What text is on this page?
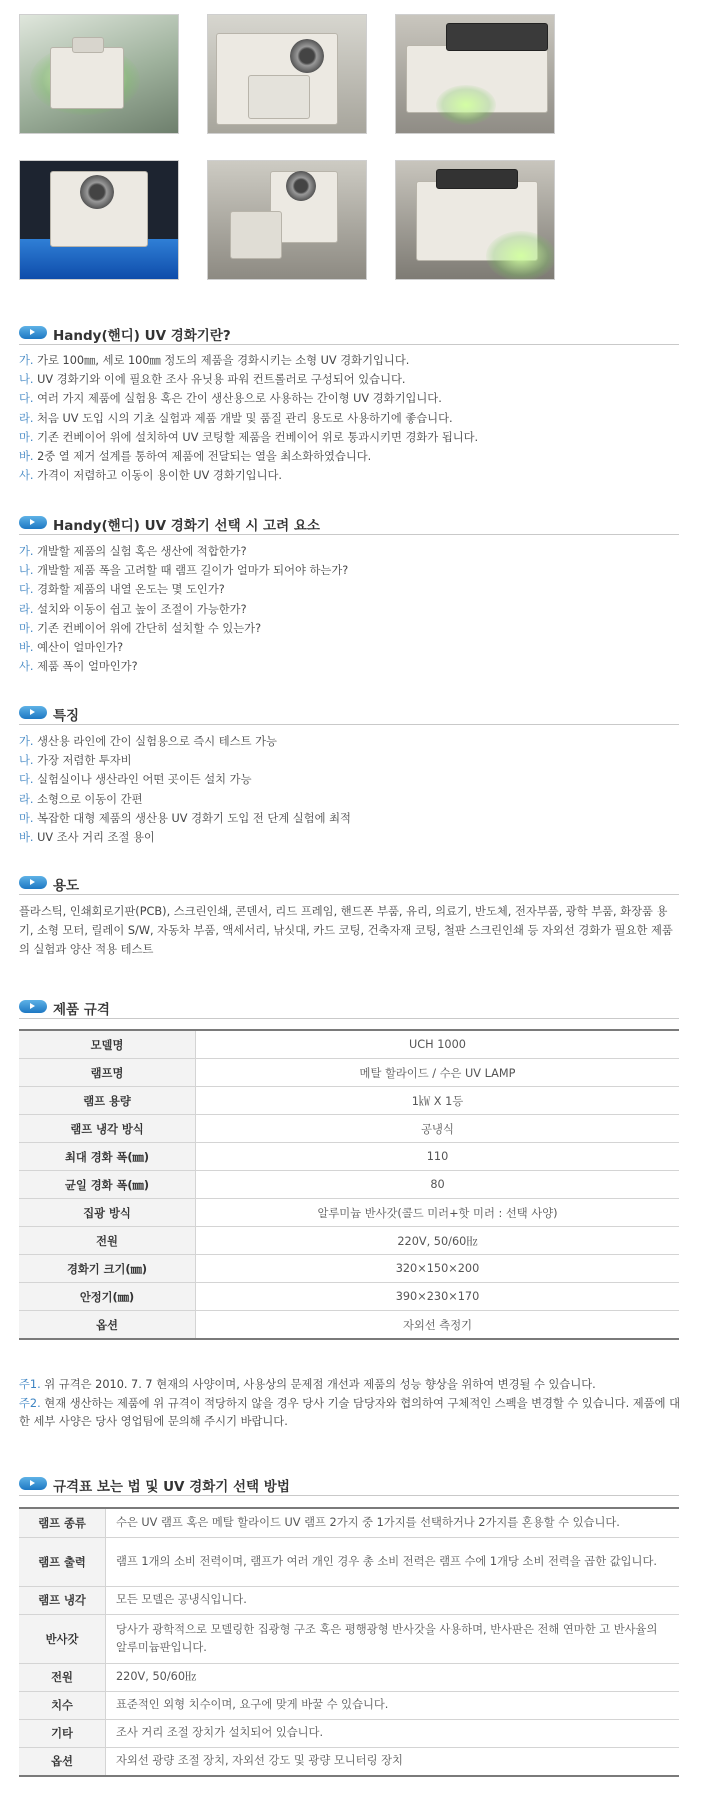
Handy(핸디) UV 경화기란?
가. 가로 100㎜, 세로 100㎜ 정도의 제품을 경화시키는 소형 UV 경화기입니다.
나. UV 경화기와 이에 필요한 조사 유닛용 파워 컨트롤러로 구성되어 있습니다.
다. 여러 가지 제품에 실험용 혹은 간이 생산용으로 사용하는 간이형 UV 경화기입니다.
라. 처음 UV 도입 시의 기초 실험과 제품 개발 및 품질 관리 용도로 사용하기에 좋습니다.
마. 기존 컨베이어 위에 설치하여 UV 코팅할 제품을 컨베이어 위로 통과시키면 경화가 됩니다.
바. 2중 열 제거 설계를 통하여 제품에 전달되는 열을 최소화하였습니다.
사. 가격이 저렴하고 이동이 용이한 UV 경화기입니다.
Handy(핸디) UV 경화기 선택 시 고려 요소
가. 개발할 제품의 실험 혹은 생산에 적합한가?
나. 개발할 제품 폭을 고려할 때 램프 길이가 얼마가 되어야 하는가?
다. 경화할 제품의 내열 온도는 몇 도인가?
라. 설치와 이동이 쉽고 높이 조절이 가능한가?
마. 기존 컨베이어 위에 간단히 설치할 수 있는가?
바. 예산이 얼마인가?
사. 제품 폭이 얼마인가?
특징
가. 생산용 라인에 간이 실험용으로 즉시 테스트 가능
나. 가장 저렴한 투자비
다. 실험실이나 생산라인 어떤 곳이든 설치 가능
라. 소형으로 이동이 간편
마. 복잡한 대형 제품의 생산용 UV 경화기 도입 전 단계 실험에 최적
바. UV 조사 거리 조절 용이
용도
플라스틱, 인쇄회로기판(PCB), 스크린인쇄, 콘덴서, 리드 프레임, 핸드폰 부품, 유리, 의료기, 반도체, 전자부품, 광학 부품, 화장품 용기, 소형 모터, 릴레이 S/W, 자동차 부품, 액세서리, 낚싯대, 카드 코팅, 건축자재 코팅, 철판 스크린인쇄 등 자외선 경화가 필요한 제품의 실험과 양산 적용 테스트
제품 규격
모델명	UCH 1000
램프명	메탈 할라이드 / 수은 UV LAMP
램프 용량	1㎾ X 1등
램프 냉각 방식	공냉식
최대 경화 폭(㎜)	110
균일 경화 폭(㎜)	80
집광 방식	알루미늄 반사갓(콜드 미러+핫 미러 : 선택 사양)
전원	220V, 50/60㎐
경화기 크기(㎜)	320×150×200
안정기(㎜)	390×230×170
옵션	자외선 측정기
주1. 위 규격은 2010. 7. 7 현재의 사양이며, 사용상의 문제점 개선과 제품의 성능 향상을 위하여 변경될 수 있습니다.
주2. 현재 생산하는 제품에 위 규격이 적당하지 않을 경우 당사 기술 담당자와 협의하여 구체적인 스펙을 변경할 수 있습니다. 제품에 대한 세부 사양은 당사 영업팀에 문의해 주시기 바랍니다.
규격표 보는 법 및 UV 경화기 선택 방법
램프 종류	수은 UV 램프 혹은 메탈 할라이드 UV 램프 2가지 중 1가지를 선택하거나 2가지를 혼용할 수 있습니다.
램프 출력	램프 1개의 소비 전력이며, 램프가 여러 개인 경우 총 소비 전력은 램프 수에 1개당 소비 전력을 곱한 값입니다.
램프 냉각	모든 모델은 공냉식입니다.
반사갓	당사가 광학적으로 모델링한 집광형 구조 혹은 평행광형 반사갓을 사용하며, 반사판은 전해 연마한 고 반사율의 알루미늄판입니다.
전원	220V, 50/60㎐
치수	표준적인 외형 치수이며, 요구에 맞게 바꿀 수 있습니다.
기타	조사 거리 조절 장치가 설치되어 있습니다.
옵션	자외선 광량 조절 장치, 자외선 강도 및 광량 모니터링 장치
